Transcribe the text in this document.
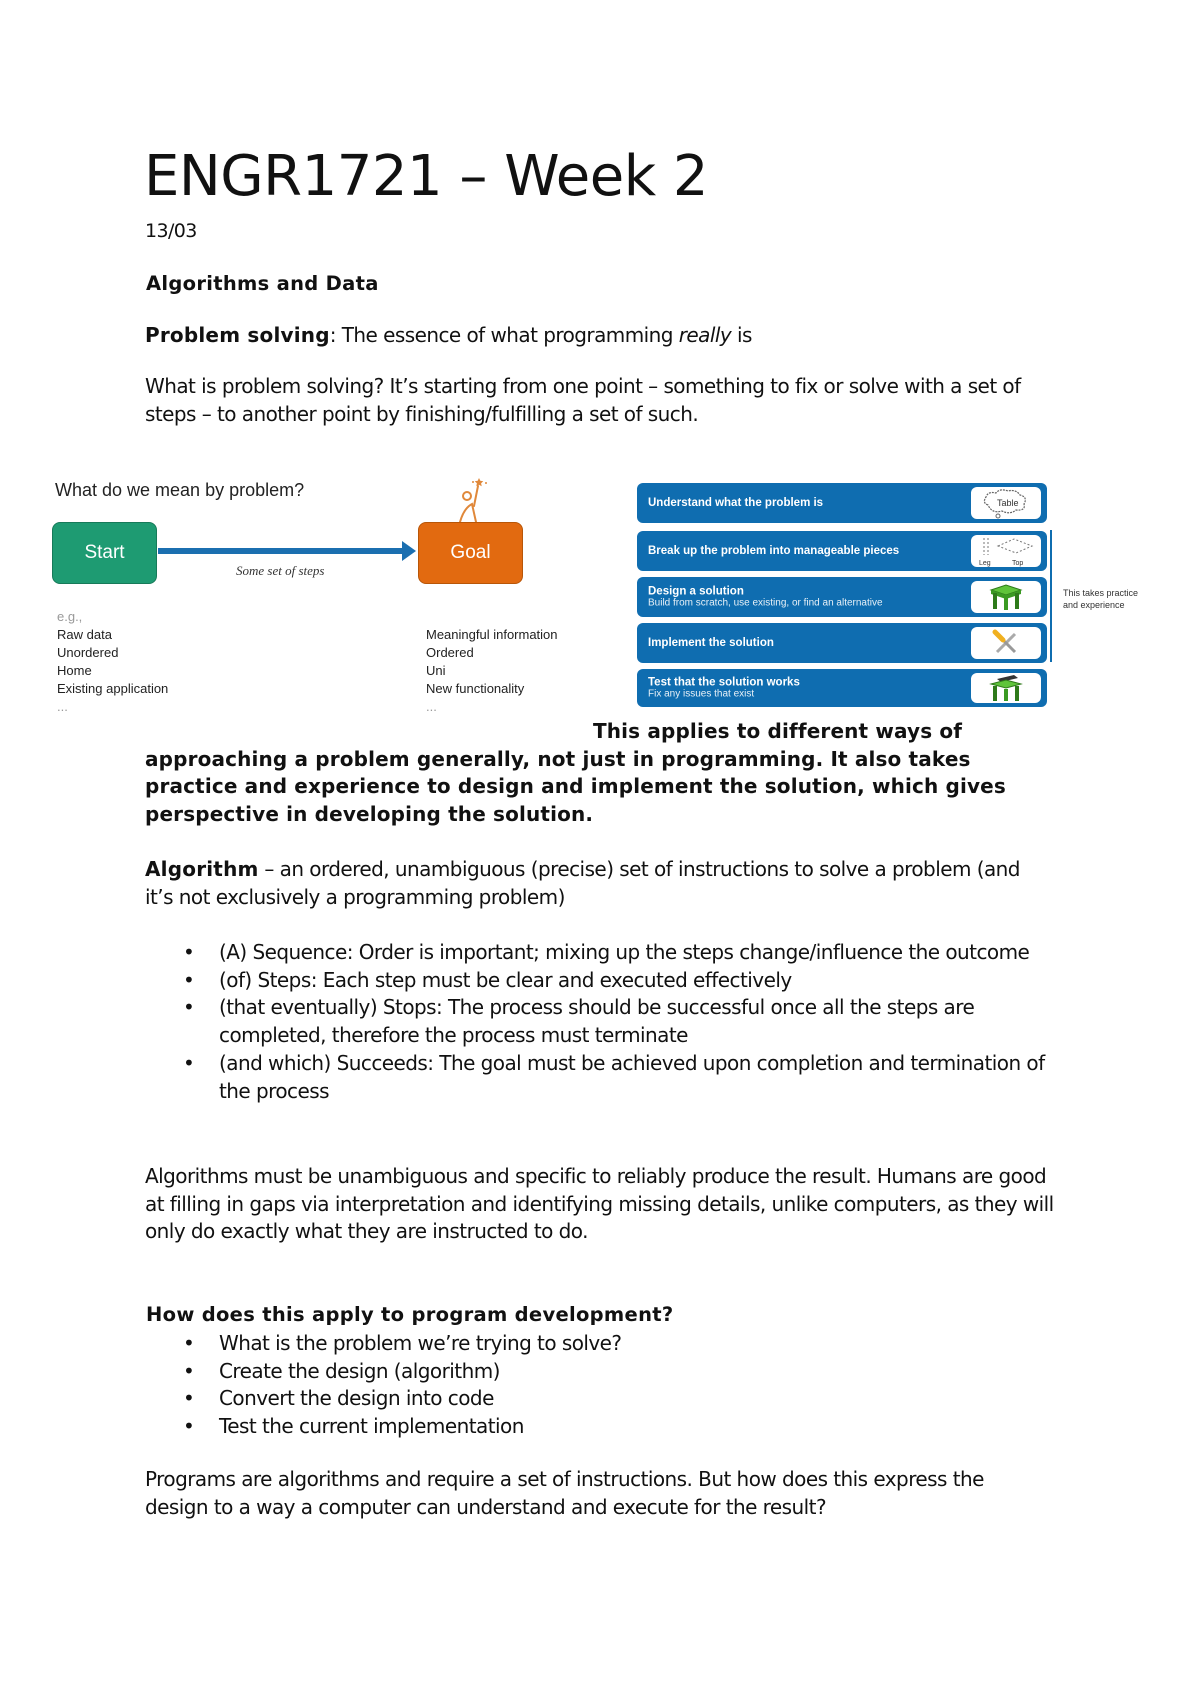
ENGR1721 – Week 2
13/03
Algorithms and Data
Problem solving: The essence of what programming really is
What is problem solving? It’s starting from one point – something to fix or solve with a set of steps – to another point by finishing/fulfilling a set of such.
What do we mean by problem?
Start
Some set of steps
Goal
e.g.,
Raw data
Unordered
Home
Existing application
...
Meaningful information
Ordered
Uni
New functionality
...
Understand what the problem is	Table
Break up the problem into manageable pieces
Leg	Top
Design a solution
Build from scratch, use existing, or find an alternative
Implement the solution
Test that the solution works
Fix any issues that exist
This takes practice
and experience
This applies to different ways of approaching a problem generally, not just in programming. It also takes practice and experience to design and implement the solution, which gives perspective in developing the solution.
Algorithm – an ordered, unambiguous (precise) set of instructions to solve a problem (and it’s not exclusively a programming problem)
• (A) Sequence: Order is important; mixing up the steps change/influence the outcome
• (of) Steps: Each step must be clear and executed effectively
• (that eventually) Stops: The process should be successful once all the steps are completed, therefore the process must terminate
• (and which) Succeeds: The goal must be achieved upon completion and termination of the process
Algorithms must be unambiguous and specific to reliably produce the result. Humans are good at filling in gaps via interpretation and identifying missing details, unlike computers, as they will only do exactly what they are instructed to do.
How does this apply to program development?
• What is the problem we’re trying to solve?
• Create the design (algorithm)
• Convert the design into code
• Test the current implementation
Programs are algorithms and require a set of instructions. But how does this express the design to a way a computer can understand and execute for the result?
